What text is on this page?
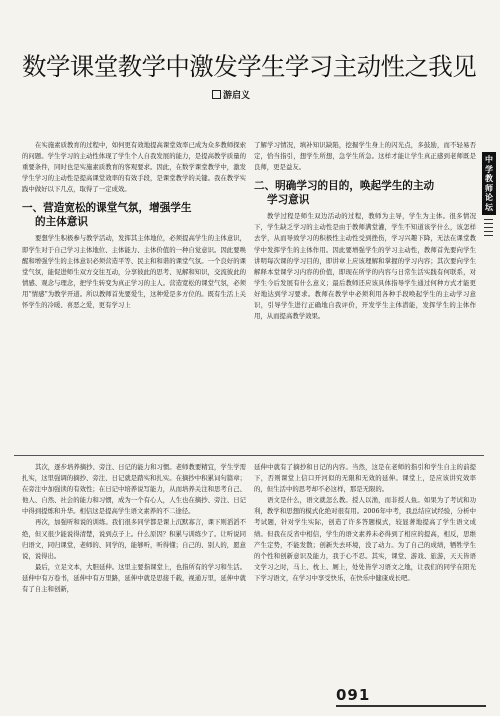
数学课堂教学中激发学生学习主动性之我见
游启义

在实施素质教育的过程中，如何更有效地提高课堂效率已成为众多教师探索的问题。学生学习的主动性体现了学生个人自我发展的能力，是提高教学质量的重要条件，同时也是实施素质教育的客观要求。因此，在数学课堂教学中，激发学生学习的主动性是提高课堂效率的有效手段，是课堂教学的关键。我在教学实践中做好以下几点，取得了一定成效。

一、营造宽松的课堂气氛，增强学生
的主体意识

要想学生积极参与教学活动，发挥其主体地位，必须提高学生的主体意识，即学生对于自己学习主体地位、主体能力、主体价值的一种自觉意识。因此要唤醒和增强学生的主体意识必须营造平等、民主和和谐的课堂气氛。一个良好的课堂气氛，能促进师生双方交往互动，分享彼此的思考、见解和知识，交流彼此的情感、观念与理念，把学生转变为真正学习的主人。营造宽松的课堂气氛，必须用“情感”为教学开道。所以教师首先要爱生，这种爱是多方位的。既有生活上关怀学生的冷暖、喜恶之爱，更有学习上

了解学习情况，填补知识缺陷，挖掘学生身上的闪光点，多鼓励，而不轻易否定，恰当指引，想学生所想，急学生所急。这样才能让学生真正感到老师既是良师，更是益友。

二、明确学习的目的，唤起学生的主动
学习意识

教学过程是师生双边活动的过程，教师为主导，学生为主体。很多情况下，学生缺乏学习的主动性是由于教师满堂灌，学生不知道该学什么，该怎样去学，从而导致学习的积极性主动性受到挫伤，学习兴趣下降，无法在课堂教学中发挥学生的主体作用。因此要增强学生的学习主动性，教师首先要向学生讲明每次课的学习目的，即讲章上应该理解和掌握的学习内容；其次要向学生解释本堂课学习内容的价值，即现在所学的内容与日常生活实践有何联系，对学生今后发展有什么意义；最后教师还应该具体指导学生通过何种方式才能更好地达到学习要求。教师在教学中必须利用各种手段唤起学生的主动学习意识，引导学生进行正确地自我评价，开发学生主体潜能，发挥学生的主体作用，从而提高教学效果。

其次，逐步培养摘抄、旁注、日记的能力和习惯。老师教要精宜，学生学需扎实，这里强调的摘抄、旁注、日记就是踏实和扎实。在摘抄中积累词句篇章；在旁注中加强读的有效性；在日记中培养说写能力，从而培养关注和思考自己、他人、自然、社会的能力和习惯，成为一个有心人，人生也在摘抄、旁注、日记中得到提炼和升华。相信这是提高学生语文素养的不二途径。

再次，加强听和说的训练。我们很多同学都是课上沉默寡言，课下则滔滔不绝，但又很少能说得清楚，说到点子上。什么原因？积累与训练少了。让听说同归语文，同归课堂，老师的、同学的，能够听，听得懂；自己的、别人的，愿意说，说得出。

最后，立足文本，大胆延伸。这里主要指课堂上，也指所有的学习和生活。延伸中有万卷书，延伸中有万里路，延伸中就是思接千载，视通万里，延伸中就有了自主和创新，

延伸中就有了摘抄和日记的内容。当然，这是在老师的指引和学生自主的前提下，否则课堂上信口开河似的无限和无效的延伸。课堂上，是应该讲究效率的，但生活中的思考却不必这样，那是无限的。

语文是什么，语文就怎么教。授人以渔，而非授人鱼。如果为了考试和功利，教学和思想的模式化绝对很有用。2006年中考，我总结应试经验，分析中考试题，针对学生实际，创造了许多答题模式，较显著地提高了学生语文成绩。但我在反省中相信，学生的语文素养未必得到了相应的提高，相反，思维产生定势，不能发散；创新失去环境，没了动力。为了自己的成绩，牺牲学生的个性和创新意识及能力，我于心不忍。其实，课堂、游戏、旅游，天天皆语文学习之时，马上、枕上、厕上，处处皆学习语文之地，让我们的同学在阳光下学习语文，在学习中享受快乐，在快乐中健康成长吧。

中
学
教
师
论
坛
091
